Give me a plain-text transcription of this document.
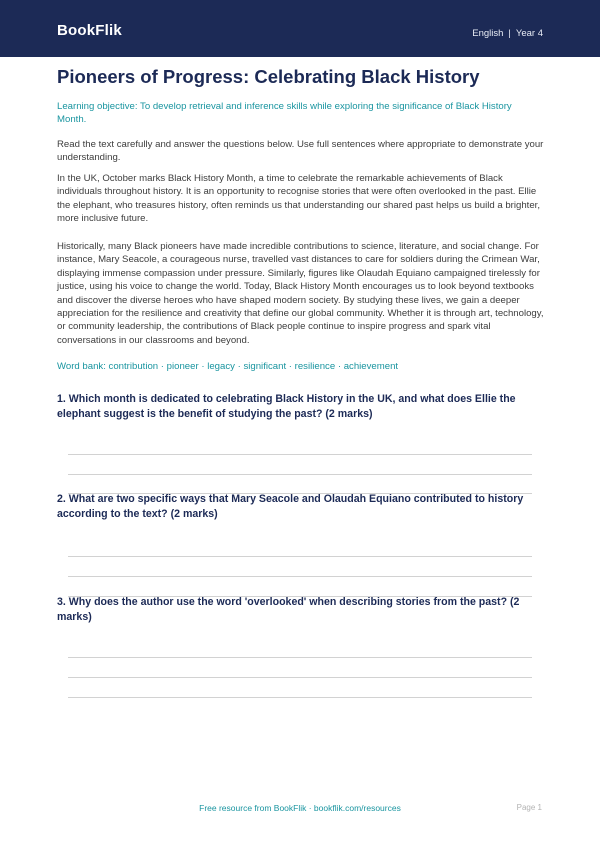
BookFlik	English | Year 4
Pioneers of Progress: Celebrating Black History

Learning objective: To develop retrieval and inference skills while exploring the significance of Black History Month.

Read the text carefully and answer the questions below. Use full sentences where appropriate to demonstrate your understanding.

In the UK, October marks Black History Month, a time to celebrate the remarkable achievements of Black individuals throughout history. It is an opportunity to recognise stories that were often overlooked in the past. Ellie the elephant, who treasures history, often reminds us that understanding our shared past helps us build a brighter, more inclusive future.

Historically, many Black pioneers have made incredible contributions to science, literature, and social change. For instance, Mary Seacole, a courageous nurse, travelled vast distances to care for soldiers during the Crimean War, displaying immense compassion under pressure. Similarly, figures like Olaudah Equiano campaigned tirelessly for justice, using his voice to change the world. Today, Black History Month encourages us to look beyond textbooks and discover the diverse heroes who have shaped modern society. By studying these lives, we gain a deeper appreciation for the resilience and creativity that define our global community. Whether it is through art, technology, or community leadership, the contributions of Black people continue to inspire progress and spark vital conversations in our classrooms and beyond.

Word bank: contribution · pioneer · legacy · significant · resilience · achievement

1. Which month is dedicated to celebrating Black History in the UK, and what does Ellie the elephant suggest is the benefit of studying the past? (2 marks)

2. What are two specific ways that Mary Seacole and Olaudah Equiano contributed to history according to the text? (2 marks)

3. Why does the author use the word 'overlooked' when describing stories from the past? (2 marks)

Free resource from BookFlik · bookflik.com/resources	Page 1
